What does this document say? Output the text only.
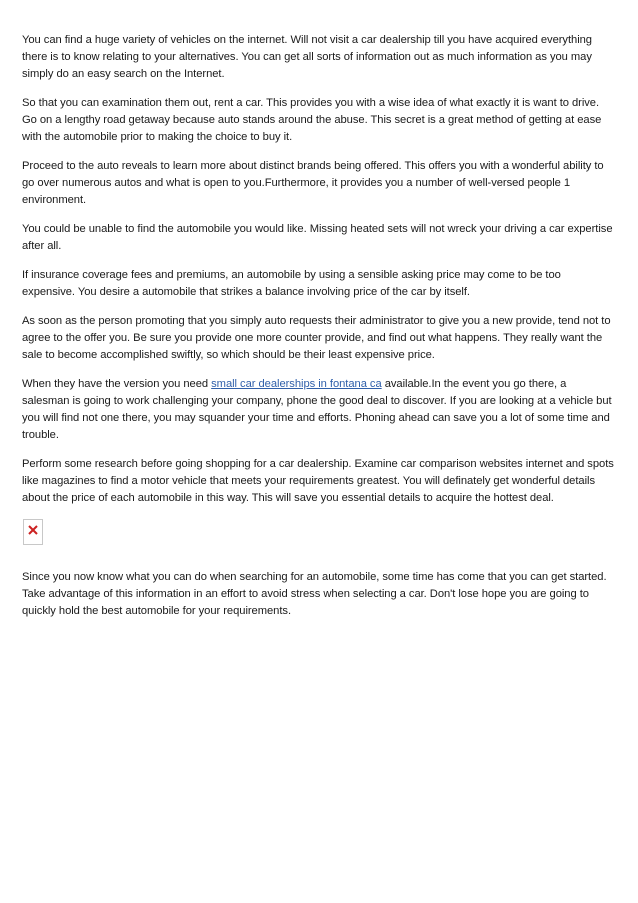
You can find a huge variety of vehicles on the internet. Will not visit a car dealership till you have acquired everything there is to know relating to your alternatives. You can get all sorts of information out as much information as you may simply do an easy search on the Internet.

So that you can examination them out, rent a car. This provides you with a wise idea of what exactly it is want to drive. Go on a lengthy road getaway because auto stands around the abuse. This secret is a great method of getting at ease with the automobile prior to making the choice to buy it.

Proceed to the auto reveals to learn more about distinct brands being offered. This offers you with a wonderful ability to go over numerous autos and what is open to you.Furthermore, it provides you a number of well-versed people 1 environment.

You could be unable to find the automobile you would like. Missing heated sets will not wreck your driving a car expertise after all.

If insurance coverage fees and premiums, an automobile by using a sensible asking price may come to be too expensive. You desire a automobile that strikes a balance involving price of the car by itself.

As soon as the person promoting that you simply auto requests their administrator to give you a new provide, tend not to agree to the offer you. Be sure you provide one more counter provide, and find out what happens. They really want the sale to become accomplished swiftly, so which should be their least expensive price.

When they have the version you need small car dealerships in fontana ca available.In the event you go there, a salesman is going to work challenging your company, phone the good deal to discover. If you are looking at a vehicle but you will find not one there, you may squander your time and efforts. Phoning ahead can save you a lot of some time and trouble.

Perform some research before going shopping for a car dealership. Examine car comparison websites internet and spots like magazines to find a motor vehicle that meets your requirements greatest. You will definately get wonderful details about the price of each automobile in this way. This will save you essential details to acquire the hottest deal.

Since you now know what you can do when searching for an automobile, some time has come that you can get started. Take advantage of this information in an effort to avoid stress when selecting a car. Don't lose hope you are going to quickly hold the best automobile for your requirements.
